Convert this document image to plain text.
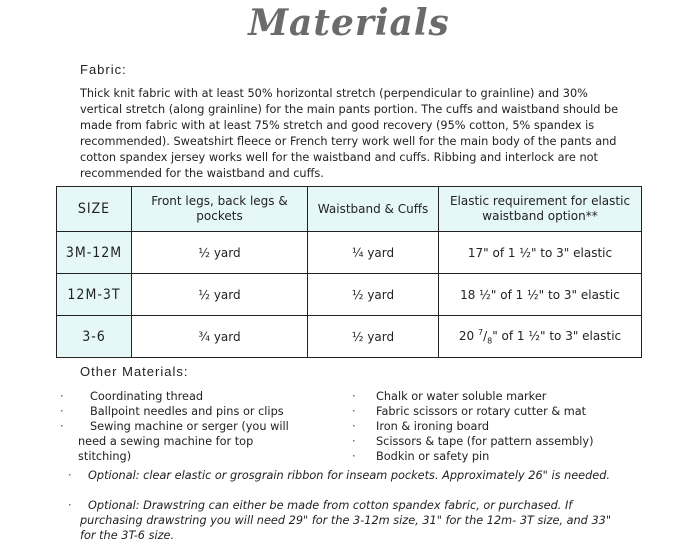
Materials
Fabric:
Thick knit fabric with at least 50% horizontal stretch (perpendicular to grainline) and 30% vertical stretch (along grainline) for the main pants portion. The cuffs and waistband should be made from fabric with at least 75% stretch and good recovery (95% cotton, 5% spandex is recommended). Sweatshirt fleece or French terry work well for the main body of the pants and cotton spandex jersey works well for the waistband and cuffs. Ribbing and interlock are not recommended for the waistband and cuffs.
SIZE	Front legs, back legs & pockets	Waistband & Cuffs	Elastic requirement for elastic waistband option**
3M-12M	½ yard	¼ yard	17" of 1 ½" to 3" elastic
12M-3T	½ yard	½ yard	18 ½" of 1 ½" to 3" elastic
3-6	¾ yard	½ yard	20 $^7/_8$" of 1 ½" to 3" elastic
Other Materials:
·	Coordinating thread
·	Ballpoint needles and pins or clips
·	Sewing machine or serger (you will need a sewing machine for top stitching)
·	Chalk or water soluble marker
·	Fabric scissors or rotary cutter & mat
·	Iron & ironing board
·	Scissors & tape (for pattern assembly)
·	Bodkin or safety pin
·	Optional: clear elastic or grosgrain ribbon for inseam pockets. Approximately 26" is needed.
·	Optional: Drawstring can either be made from cotton spandex fabric, or purchased. If purchasing drawstring you will need 29" for the 3-12m size, 31" for the 12m- 3T size, and 33" for the 3T-6 size.
